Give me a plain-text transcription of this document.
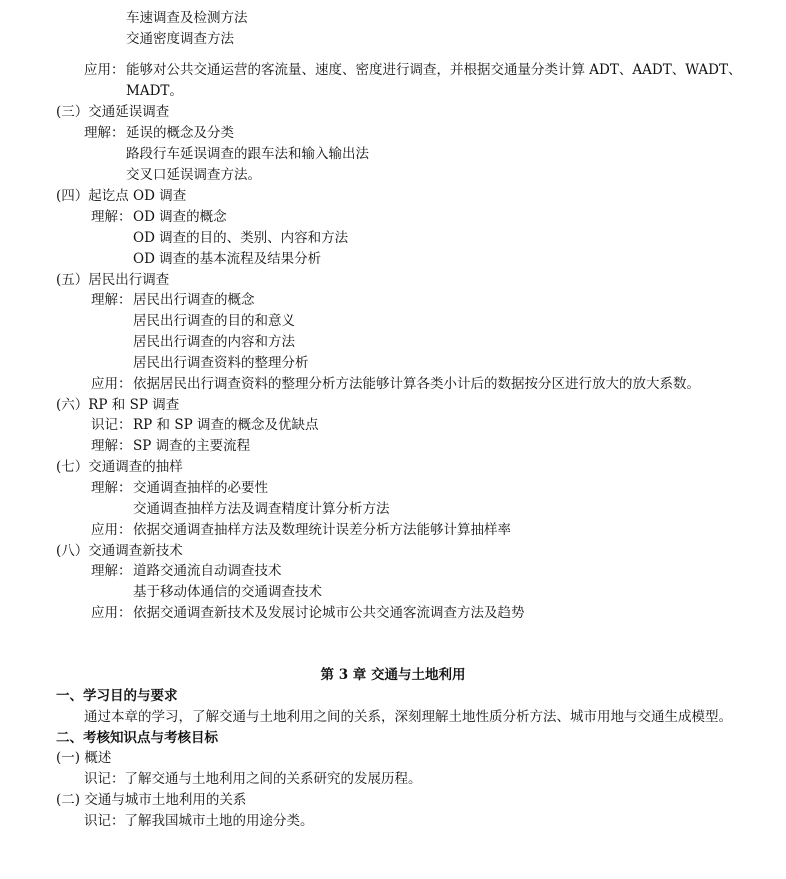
车速调查及检测方法
交通密度调查方法
应用： 能够对公共交通运营的客流量、速度、密度进行调查，并根据交通量分类计算 ADT、AADT、WADT、
MADT。
(三）交通延误调查
理解： 延误的概念及分类
路段行车延误调查的跟车法和输入输出法
交叉口延误调查方法。
(四）起讫点 OD 调查
理解： OD 调查的概念
OD 调查的目的、类别、内容和方法
OD 调查的基本流程及结果分析
(五）居民出行调查
理解： 居民出行调查的概念
居民出行调查的目的和意义
居民出行调查的内容和方法
居民出行调查资料的整理分析
应用： 依据居民出行调查资料的整理分析方法能够计算各类小计后的数据按分区进行放大的放大系数。
(六）RP 和 SP 调查
识记： RP 和 SP 调查的概念及优缺点
理解： SP 调查的主要流程
(七）交通调查的抽样
理解： 交通调查抽样的必要性
交通调查抽样方法及调查精度计算分析方法
应用： 依据交通调查抽样方法及数理统计误差分析方法能够计算抽样率
(八）交通调查新技术
理解： 道路交通流自动调查技术
基于移动体通信的交通调查技术
应用： 依据交通调查新技术及发展讨论城市公共交通客流调查方法及趋势
第 3 章 交通与土地利用
一、学习目的与要求
通过本章的学习，了解交通与土地利用之间的关系，深刻理解土地性质分析方法、城市用地与交通生成模型。
二、考核知识点与考核目标
(一) 概述
识记：了解交通与土地利用之间的关系研究的发展历程。
(二) 交通与城市土地利用的关系
识记：了解我国城市土地的用途分类。
